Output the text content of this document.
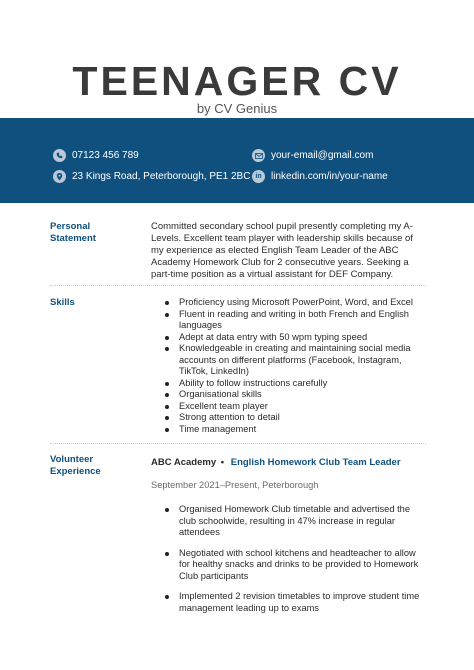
TEENAGER CV
by CV Genius
07123 456 789
23 Kings Road, Peterborough, PE1 2BC
your-email@gmail.com
in linkedin.com/in/your-name
Personal
Statement
Committed secondary school pupil presently completing my A-Levels. Excellent team player with leadership skills because of my experience as elected English Team Leader of the ABC Academy Homework Club for 2 consecutive years. Seeking a part-time position as a virtual assistant for DEF Company.
Skills	Proficiency using Microsoft PowerPoint, Word, and Excel
Fluent in reading and writing in both French and English languages
Adept at data entry with 50 wpm typing speed
Knowledgeable in creating and maintaining social media accounts on different platforms (Facebook, Instagram, TikTok, LinkedIn)
Ability to follow instructions carefully
Organisational skills
Excellent team player
Strong attention to detail
Time management
Volunteer
Experience
ABC Academy • English Homework Club Team Leader
September 2021–Present, Peterborough
Organised Homework Club timetable and advertised the club schoolwide, resulting in 47% increase in regular attendees
Negotiated with school kitchens and headteacher to allow for healthy snacks and drinks to be provided to Homework Club participants
Implemented 2 revision timetables to improve student time management leading up to exams
